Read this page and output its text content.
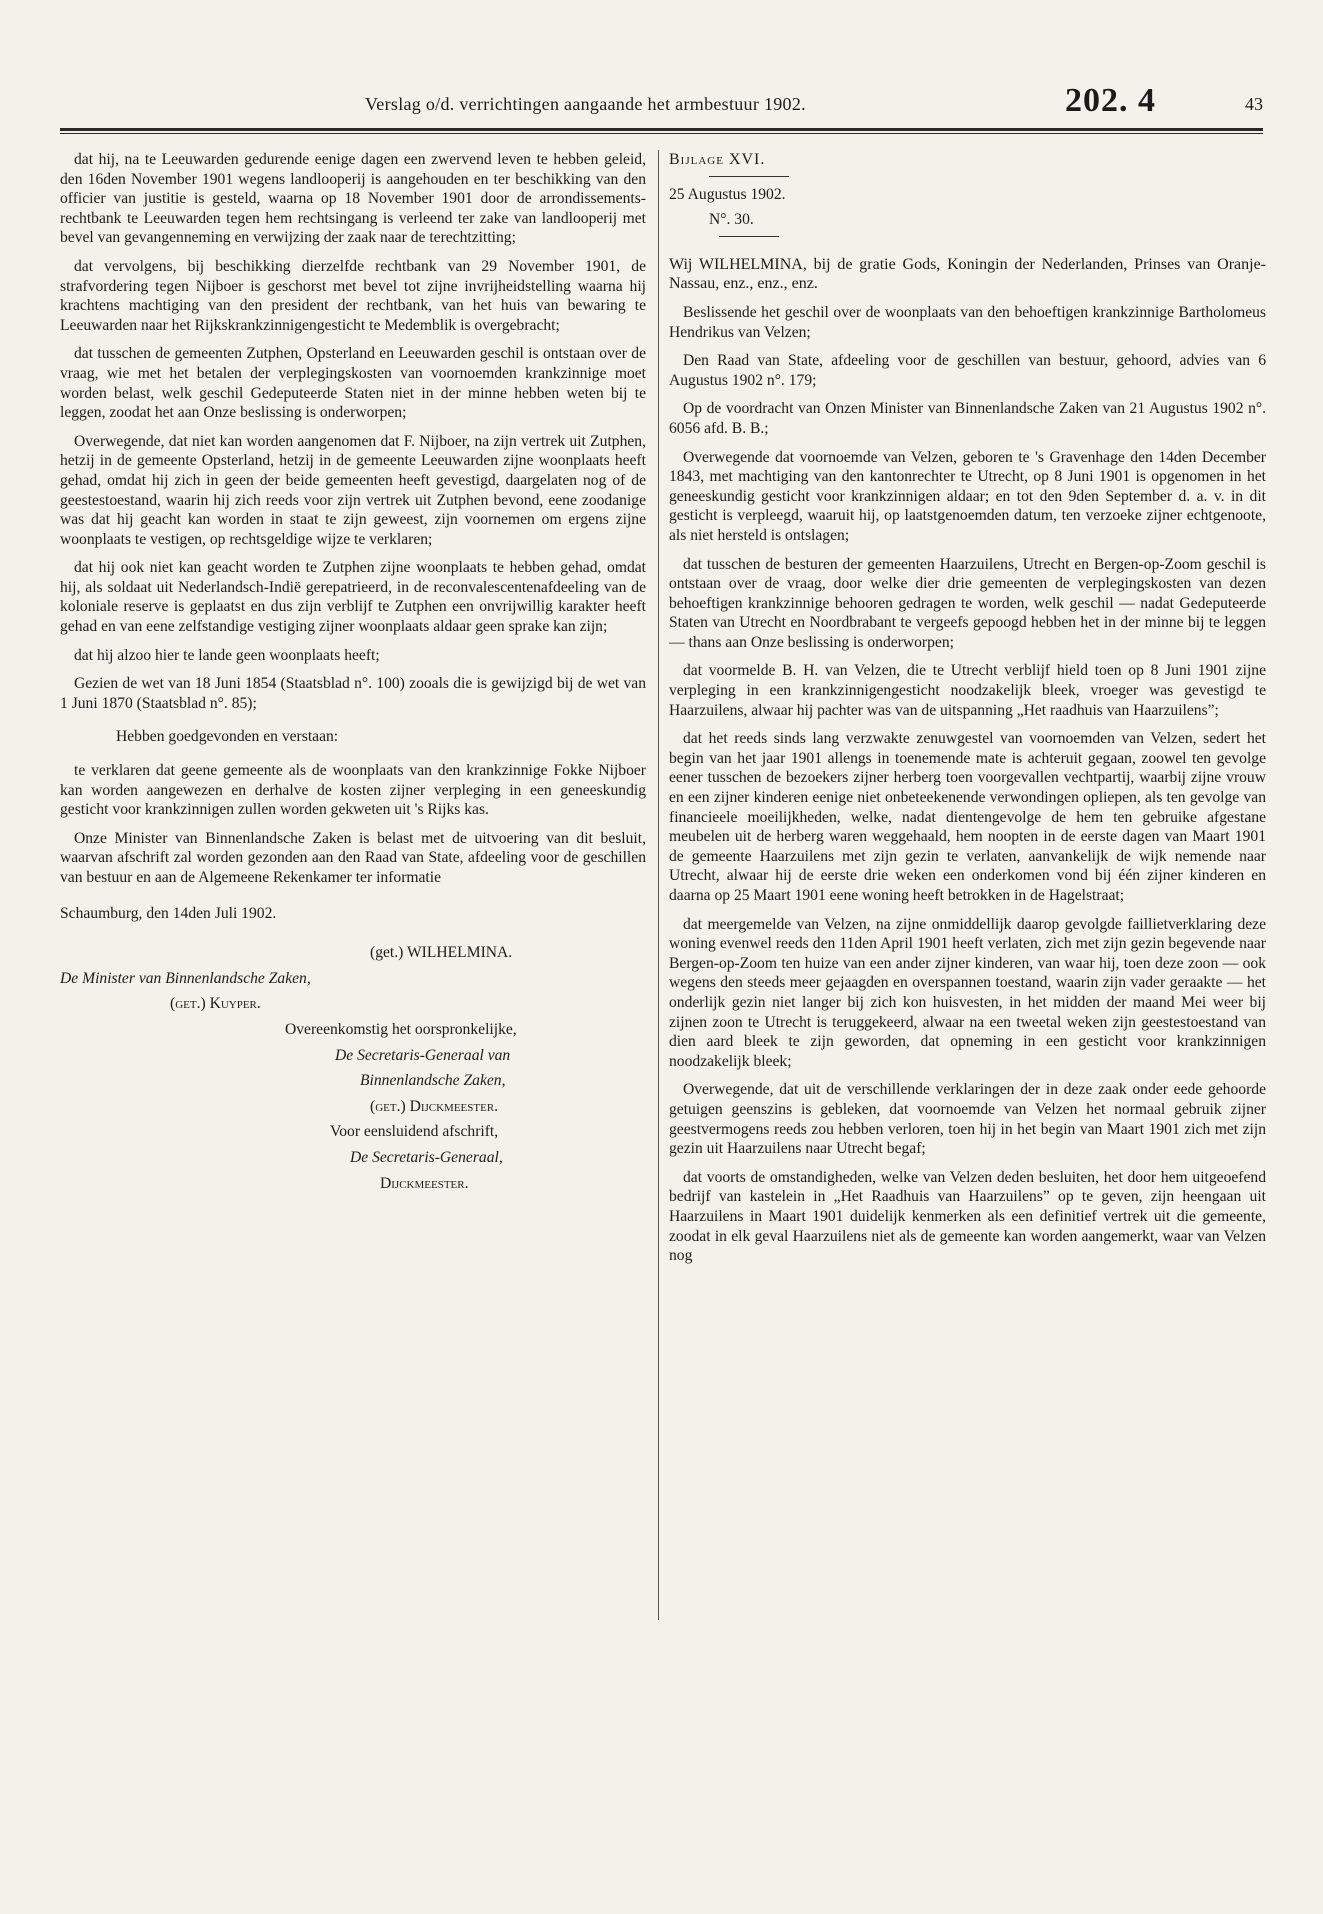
Verslag o/d. verrichtingen aangaande het armbestuur 1902.	202. 4	43

dat hij, na te Leeuwarden gedurende eenige dagen een zwervend leven te hebben geleid, den 16den November 1901 wegens landlooperij is aangehouden en ter beschikking van den officier van justitie is gesteld, waarna op 18 November 1901 door de arrondissements-rechtbank te Leeuwarden tegen hem rechtsingang is verleend ter zake van landlooperij met bevel van gevangenneming en verwijzing der zaak naar de terechtzitting;

dat vervolgens, bij beschikking dierzelfde rechtbank van 29 November 1901, de strafvordering tegen Nijboer is geschorst met bevel tot zijne invrijheidstelling waarna hij krachtens machtiging van den president der rechtbank, van het huis van bewaring te Leeuwarden naar het Rijkskrankzinnigengesticht te Medemblik is overgebracht;

dat tusschen de gemeenten Zutphen, Opsterland en Leeuwarden geschil is ontstaan over de vraag, wie met het betalen der verplegingskosten van voornoemden krankzinnige moet worden belast, welk geschil Gedeputeerde Staten niet in der minne hebben weten bij te leggen, zoodat het aan Onze beslissing is onderworpen;

Overwegende, dat niet kan worden aangenomen dat F. Nijboer, na zijn vertrek uit Zutphen, hetzij in de gemeente Opsterland, hetzij in de gemeente Leeuwarden zijne woonplaats heeft gehad, omdat hij zich in geen der beide gemeenten heeft gevestigd, daargelaten nog of de geestestoestand, waarin hij zich reeds voor zijn vertrek uit Zutphen bevond, eene zoodanige was dat hij geacht kan worden in staat te zijn geweest, zijn voornemen om ergens zijne woonplaats te vestigen, op rechtsgeldige wijze te verklaren;

dat hij ook niet kan geacht worden te Zutphen zijne woonplaats te hebben gehad, omdat hij, als soldaat uit Nederlandsch-Indië gerepatrieerd, in de reconvalescentenafdeeling van de koloniale reserve is geplaatst en dus zijn verblijf te Zutphen een onvrijwillig karakter heeft gehad en van eene zelfstandige vestiging zijner woonplaats aldaar geen sprake kan zijn;

dat hij alzoo hier te lande geen woonplaats heeft;

Gezien de wet van 18 Juni 1854 (Staatsblad n°. 100) zooals die is gewijzigd bij de wet van 1 Juni 1870 (Staatsblad n°. 85);

Hebben goedgevonden en verstaan:

te verklaren dat geene gemeente als de woonplaats van den krankzinnige Fokke Nijboer kan worden aangewezen en derhalve de kosten zijner verpleging in een geneeskundig gesticht voor krankzinnigen zullen worden gekweten uit 's Rijks kas.

Onze Minister van Binnenlandsche Zaken is belast met de uitvoering van dit besluit, waarvan afschrift zal worden gezonden aan den Raad van State, afdeeling voor de geschillen van bestuur en aan de Algemeene Rekenkamer ter informatie

Schaumburg, den 14den Juli 1902.

(get.) WILHELMINA.

De Minister van Binnenlandsche Zaken,

(get.) Kuyper.

Overeenkomstig het oorspronkelijke,

De Secretaris-Generaal van

Binnenlandsche Zaken,

(get.) Dijckmeester.

Voor eensluidend afschrift,

De Secretaris-Generaal,

Dijckmeester.

Bijlage XVI.

25 Augustus 1902.

N°. 30.

Wij WILHELMINA, bij de gratie Gods, Koningin der Nederlanden, Prinses van Oranje-Nassau, enz., enz., enz.

Beslissende het geschil over de woonplaats van den behoeftigen krankzinnige Bartholomeus Hendrikus van Velzen;

Den Raad van State, afdeeling voor de geschillen van bestuur, gehoord, advies van 6 Augustus 1902 n°. 179;

Op de voordracht van Onzen Minister van Binnenlandsche Zaken van 21 Augustus 1902 n°. 6056 afd. B. B.;

Overwegende dat voornoemde van Velzen, geboren te 's Gravenhage den 14den December 1843, met machtiging van den kantonrechter te Utrecht, op 8 Juni 1901 is opgenomen in het geneeskundig gesticht voor krankzinnigen aldaar; en tot den 9den September d. a. v. in dit gesticht is verpleegd, waaruit hij, op laatstgenoemden datum, ten verzoeke zijner echtgenoote, als niet hersteld is ontslagen;

dat tusschen de besturen der gemeenten Haarzuilens, Utrecht en Bergen-op-Zoom geschil is ontstaan over de vraag, door welke dier drie gemeenten de verplegingskosten van dezen behoeftigen krankzinnige behooren gedragen te worden, welk geschil — nadat Gedeputeerde Staten van Utrecht en Noordbrabant te vergeefs gepoogd hebben het in der minne bij te leggen — thans aan Onze beslissing is onderworpen;

dat voormelde B. H. van Velzen, die te Utrecht verblijf hield toen op 8 Juni 1901 zijne verpleging in een krankzinnigengesticht noodzakelijk bleek, vroeger was gevestigd te Haarzuilens, alwaar hij pachter was van de uitspanning „Het raadhuis van Haarzuilens”;

dat het reeds sinds lang verzwakte zenuwgestel van voornoemden van Velzen, sedert het begin van het jaar 1901 allengs in toenemende mate is achteruit gegaan, zoowel ten gevolge eener tusschen de bezoekers zijner herberg toen voorgevallen vechtpartij, waarbij zijne vrouw en een zijner kinderen eenige niet onbeteekenende verwondingen opliepen, als ten gevolge van financieele moeilijkheden, welke, nadat dientengevolge de hem ten gebruike afgestane meubelen uit de herberg waren weggehaald, hem noopten in de eerste dagen van Maart 1901 de gemeente Haarzuilens met zijn gezin te verlaten, aanvankelijk de wijk nemende naar Utrecht, alwaar hij de eerste drie weken een onderkomen vond bij één zijner kinderen en daarna op 25 Maart 1901 eene woning heeft betrokken in de Hagelstraat;

dat meergemelde van Velzen, na zijne onmiddellijk daarop gevolgde faillietverklaring deze woning evenwel reeds den 11den April 1901 heeft verlaten, zich met zijn gezin begevende naar Bergen-op-Zoom ten huize van een ander zijner kinderen, van waar hij, toen deze zoon — ook wegens den steeds meer gejaagden en overspannen toestand, waarin zijn vader geraakte — het onderlijk gezin niet langer bij zich kon huisvesten, in het midden der maand Mei weer bij zijnen zoon te Utrecht is teruggekeerd, alwaar na een tweetal weken zijn geestestoestand van dien aard bleek te zijn geworden, dat opneming in een gesticht voor krankzinnigen noodzakelijk bleek;

Overwegende, dat uit de verschillende verklaringen der in deze zaak onder eede gehoorde getuigen geenszins is gebleken, dat voornoemde van Velzen het normaal gebruik zijner geestvermogens reeds zou hebben verloren, toen hij in het begin van Maart 1901 zich met zijn gezin uit Haarzuilens naar Utrecht begaf;

dat voorts de omstandigheden, welke van Velzen deden besluiten, het door hem uitgeoefend bedrijf van kastelein in „Het Raadhuis van Haarzuilens” op te geven, zijn heengaan uit Haarzuilens in Maart 1901 duidelijk kenmerken als een definitief vertrek uit die gemeente, zoodat in elk geval Haarzuilens niet als de gemeente kan worden aangemerkt, waar van Velzen nog
